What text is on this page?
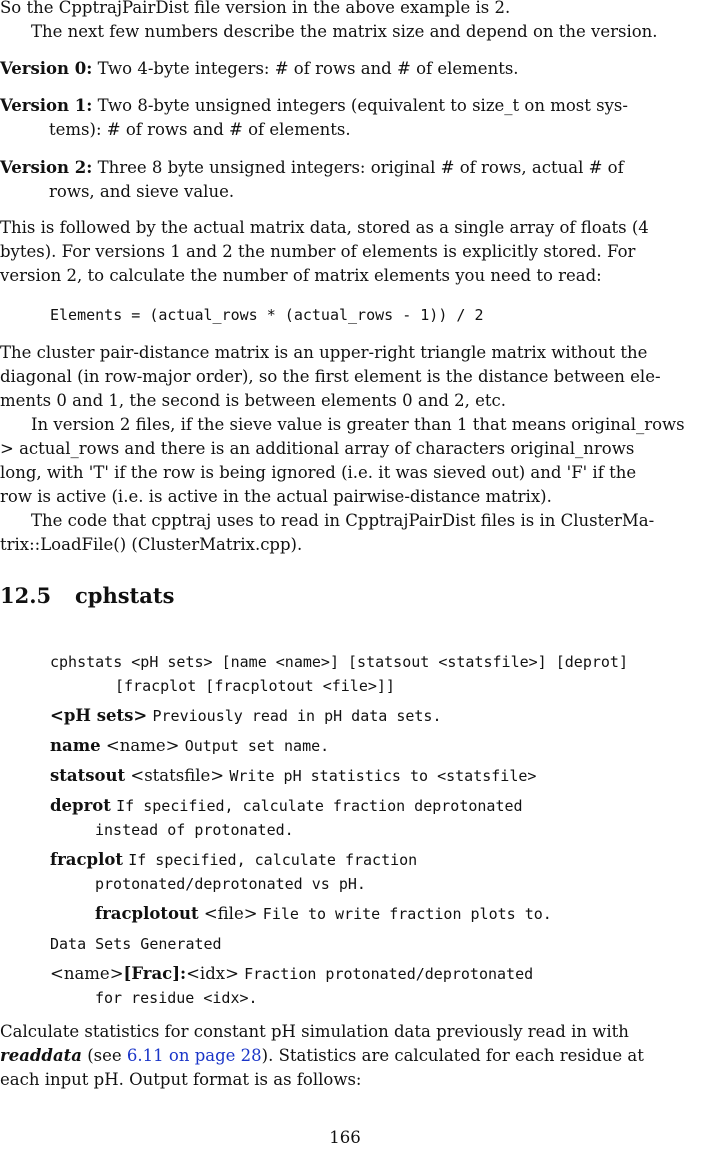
So the CpptrajPairDist file version in the above example is 2.
The next few numbers describe the matrix size and depend on the version.
Version 0: Two 4-byte integers: # of rows and # of elements.
Version 1: Two 8-byte unsigned integers (equivalent to size_t on most sys-
tems): # of rows and # of elements.
Version 2: Three 8 byte unsigned integers: original # of rows, actual # of
rows, and sieve value.
This is followed by the actual matrix data, stored as a single array of floats (4
bytes). For versions 1 and 2 the number of elements is explicitly stored. For
version 2, to calculate the number of matrix elements you need to read:
Elements = (actual_rows * (actual_rows - 1)) / 2
The cluster pair-distance matrix is an upper-right triangle matrix without the
diagonal (in row-major order), so the first element is the distance between ele-
ments 0 and 1, the second is between elements 0 and 2, etc.
In version 2 files, if the sieve value is greater than 1 that means original_rows
> actual_rows and there is an additional array of characters original_nrows
long, with 'T' if the row is being ignored (i.e. it was sieved out) and 'F' if the
row is active (i.e. is active in the actual pairwise-distance matrix).
The code that cpptraj uses to read in CpptrajPairDist files is in ClusterMa-
trix::LoadFile() (ClusterMatrix.cpp).
12.5 cphstats
cphstats <pH sets> [name <name>] [statsout <statsfile>] [deprot]
[fracplot [fracplotout <file>]]
<pH sets> Previously read in pH data sets.
name <name> Output set name.
statsout <statsfile> Write pH statistics to <statsfile>
deprot If specified, calculate fraction deprotonated
instead of protonated.
fracplot If specified, calculate fraction
protonated/deprotonated vs pH.
fracplotout <file> File to write fraction plots to.
Data Sets Generated
<name>[Frac]:<idx> Fraction protonated/deprotonated
for residue <idx>.
Calculate statistics for constant pH simulation data previously read in with
readdata (see 6.11 on page 28). Statistics are calculated for each residue at
each input pH. Output format is as follows:
166
